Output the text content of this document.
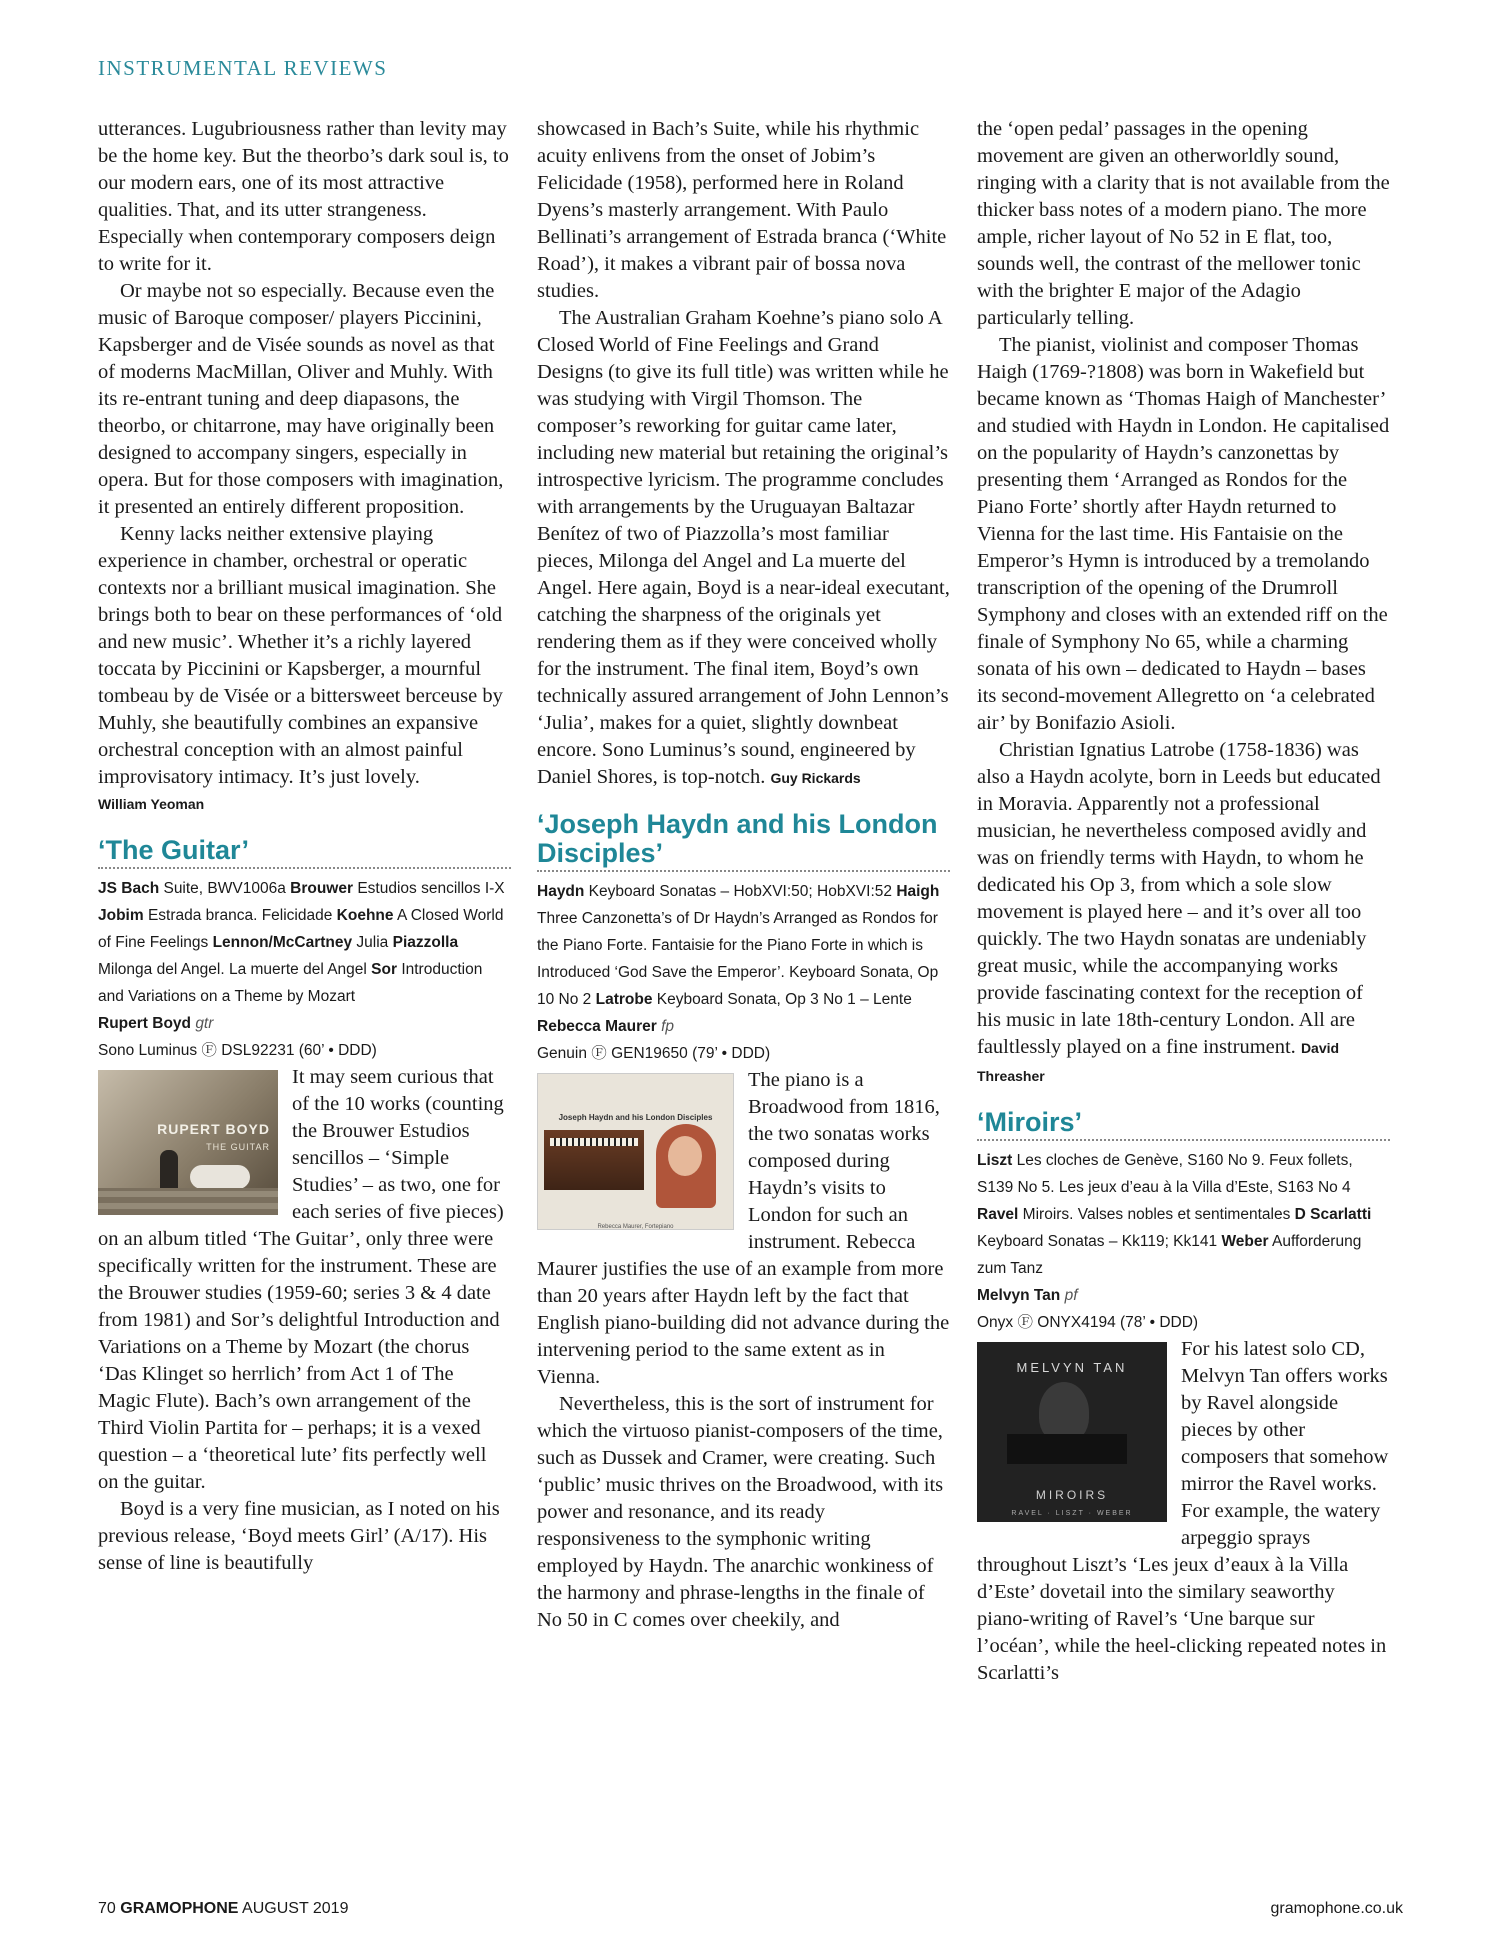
INSTRUMENTAL REVIEWS

utterances. Lugubriousness rather than levity may be the home key. But the theorbo’s dark soul is, to our modern ears, one of its most attractive qualities. That, and its utter strangeness. Especially when contemporary composers deign to write for it.

Or maybe not so especially. Because even the music of Baroque composer/ players Piccinini, Kapsberger and de Visée sounds as novel as that of moderns MacMillan, Oliver and Muhly. With its re-entrant tuning and deep diapasons, the theorbo, or chitarrone, may have originally been designed to accompany singers, especially in opera. But for those composers with imagination, it presented an entirely different proposition.

Kenny lacks neither extensive playing experience in chamber, orchestral or operatic contexts nor a brilliant musical imagination. She brings both to bear on these performances of ‘old and new music’. Whether it’s a richly layered toccata by Piccinini or Kapsberger, a mournful tombeau by de Visée or a bittersweet berceuse by Muhly, she beautifully combines an expansive orchestral conception with an almost painful improvisatory intimacy. It’s just lovely.

William Yeoman
‘The Guitar’
JS Bach Suite, BWV1006a Brouwer Estudios sencillos I-X Jobim Estrada branca. Felicidade Koehne A Closed World of Fine Feelings Lennon/McCartney Julia Piazzolla Milonga del Angel. La muerte del Angel Sor Introduction and Variations on a Theme by Mozart
Rupert Boyd gtr
Sono Luminus Ⓕ DSL92231 (60’ • DDD)
RUPERT BOYD
THE GUITAR

It may seem curious that of the 10 works (counting the Brouwer Estudios sencillos – ‘Simple Studies’ – as two, one for each series of five pieces) on an album titled ‘The Guitar’, only three were specifically written for the instrument. These are the Brouwer studies (1959-60; series 3 & 4 date from 1981) and Sor’s delightful Introduction and Variations on a Theme by Mozart (the chorus ‘Das Klinget so herrlich’ from Act 1 of The Magic Flute). Bach’s own arrangement of the Third Violin Partita for – perhaps; it is a vexed question – a ‘theoretical lute’ fits perfectly well on the guitar.

Boyd is a very fine musician, as I noted on his previous release, ‘Boyd meets Girl’ (A/17). His sense of line is beautifully

showcased in Bach’s Suite, while his rhythmic acuity enlivens from the onset of Jobim’s Felicidade (1958), performed here in Roland Dyens’s masterly arrangement. With Paulo Bellinati’s arrangement of Estrada branca (‘White Road’), it makes a vibrant pair of bossa nova studies.

The Australian Graham Koehne’s piano solo A Closed World of Fine Feelings and Grand Designs (to give its full title) was written while he was studying with Virgil Thomson. The composer’s reworking for guitar came later, including new material but retaining the original’s introspective lyricism. The programme concludes with arrangements by the Uruguayan Baltazar Benítez of two of Piazzolla’s most familiar pieces, Milonga del Angel and La muerte del Angel. Here again, Boyd is a near-ideal executant, catching the sharpness of the originals yet rendering them as if they were conceived wholly for the instrument. The final item, Boyd’s own technically assured arrangement of John Lennon’s ‘Julia’, makes for a quiet, slightly downbeat encore. Sono Luminus’s sound, engineered by Daniel Shores, is top-notch. Guy Rickards

‘Joseph Haydn and his London Disciples’
Haydn Keyboard Sonatas – HobXVI:50; HobXVI:52 Haigh Three Canzonetta’s of Dr Haydn’s Arranged as Rondos for the Piano Forte. Fantaisie for the Piano Forte in which is Introduced ‘God Save the Emperor’. Keyboard Sonata, Op 10 No 2 Latrobe Keyboard Sonata, Op 3 No 1 – Lente
Rebecca Maurer fp
Genuin Ⓕ GEN19650 (79’ • DDD)
Joseph Haydn and his London Disciples
Rebecca Maurer, Fortepiano

The piano is a Broadwood from 1816, the two sonatas works composed during Haydn’s visits to London for such an instrument. Rebecca Maurer justifies the use of an example from more than 20 years after Haydn left by the fact that English piano-building did not advance during the intervening period to the same extent as in Vienna.

Nevertheless, this is the sort of instrument for which the virtuoso pianist-composers of the time, such as Dussek and Cramer, were creating. Such ‘public’ music thrives on the Broadwood, with its power and resonance, and its ready responsiveness to the symphonic writing employed by Haydn. The anarchic wonkiness of the harmony and phrase-lengths in the finale of No 50 in C comes over cheekily, and

the ‘open pedal’ passages in the opening movement are given an otherworldly sound, ringing with a clarity that is not available from the thicker bass notes of a modern piano. The more ample, richer layout of No 52 in E flat, too, sounds well, the contrast of the mellower tonic with the brighter E major of the Adagio particularly telling.

The pianist, violinist and composer Thomas Haigh (1769-?1808) was born in Wakefield but became known as ‘Thomas Haigh of Manchester’ and studied with Haydn in London. He capitalised on the popularity of Haydn’s canzonettas by presenting them ‘Arranged as Rondos for the Piano Forte’ shortly after Haydn returned to Vienna for the last time. His Fantaisie on the Emperor’s Hymn is introduced by a tremolando transcription of the opening of the Drumroll Symphony and closes with an extended riff on the finale of Symphony No 65, while a charming sonata of his own – dedicated to Haydn – bases its second-movement Allegretto on ‘a celebrated air’ by Bonifazio Asioli.

Christian Ignatius Latrobe (1758-1836) was also a Haydn acolyte, born in Leeds but educated in Moravia. Apparently not a professional musician, he nevertheless composed avidly and was on friendly terms with Haydn, to whom he dedicated his Op 3, from which a sole slow movement is played here – and it’s over all too quickly. The two Haydn sonatas are undeniably great music, while the accompanying works provide fascinating context for the reception of his music in late 18th-century London. All are faultlessly played on a fine instrument. David Threasher

‘Miroirs’
Liszt Les cloches de Genève, S160 No 9. Feux follets, S139 No 5. Les jeux d’eau à la Villa d’Este, S163 No 4 Ravel Miroirs. Valses nobles et sentimentales D Scarlatti Keyboard Sonatas – Kk119; Kk141 Weber Aufforderung zum Tanz
Melvyn Tan pf
Onyx Ⓕ ONYX4194 (78’ • DDD)
MELVYN TAN
MIROIRS
RAVEL · LISZT · WEBER

For his latest solo CD, Melvyn Tan offers works by Ravel alongside pieces by other composers that somehow mirror the Ravel works. For example, the watery arpeggio sprays throughout Liszt’s ‘Les jeux d’eaux à la Villa d’Este’ dovetail into the similary seaworthy piano-writing of Ravel’s ‘Une barque sur l’océan’, while the heel-clicking repeated notes in Scarlatti’s

70 GRAMOPHONE AUGUST 2019	gramophone.co.uk
